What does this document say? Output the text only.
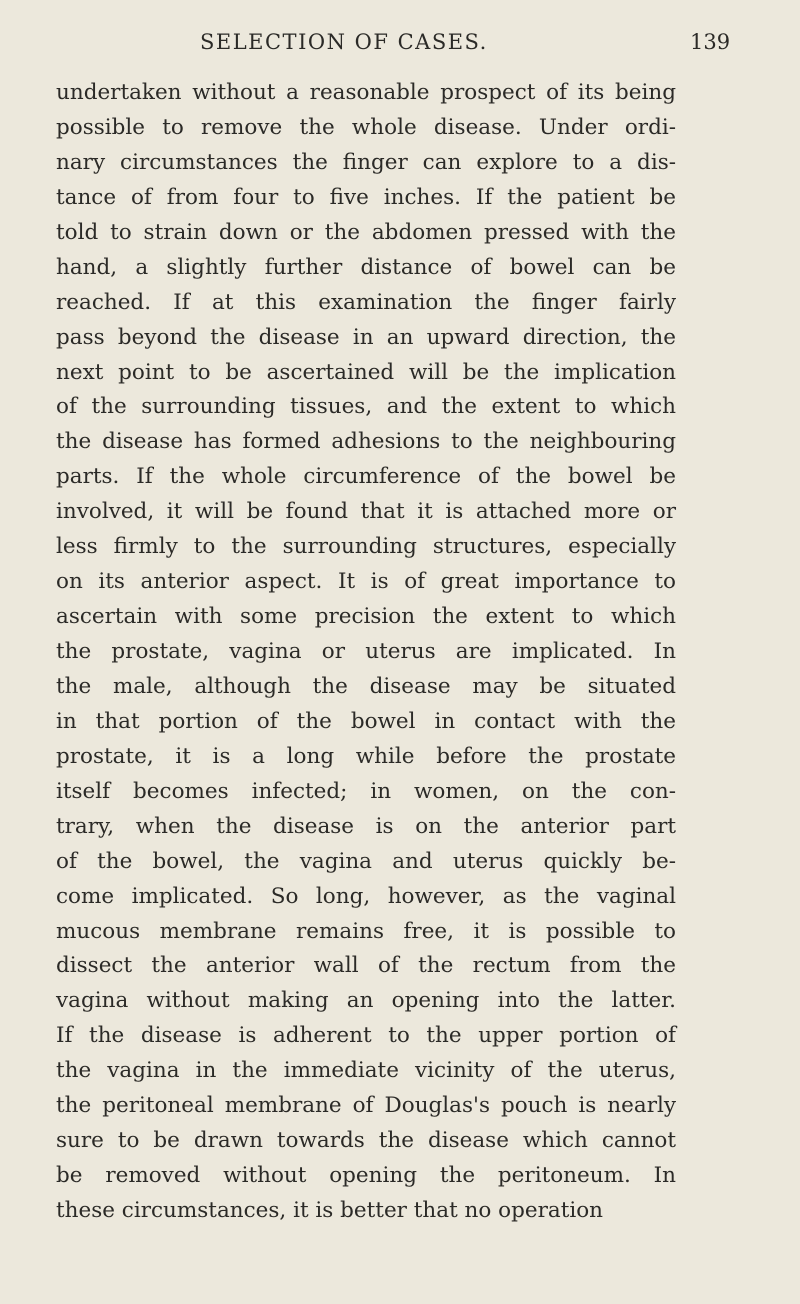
SELECTION OF CASES.	139
undertaken without a reasonable prospect of its being
possible to remove the whole disease. Under ordi-
nary circumstances the finger can explore to a dis-
tance of from four to five inches. If the patient be
told to strain down or the abdomen pressed with the
hand, a slightly further distance of bowel can be
reached. If at this examination the finger fairly
pass beyond the disease in an upward direction, the
next point to be ascertained will be the implication
of the surrounding tissues, and the extent to which
the disease has formed adhesions to the neighbouring
parts. If the whole circumference of the bowel be
involved, it will be found that it is attached more or
less firmly to the surrounding structures, especially
on its anterior aspect. It is of great importance to
ascertain with some precision the extent to which
the prostate, vagina or uterus are implicated. In
the male, although the disease may be situated
in that portion of the bowel in contact with the
prostate, it is a long while before the prostate
itself becomes infected; in women, on the con-
trary, when the disease is on the anterior part
of the bowel, the vagina and uterus quickly be-
come implicated. So long, however, as the vaginal
mucous membrane remains free, it is possible to
dissect the anterior wall of the rectum from the
vagina without making an opening into the latter.
If the disease is adherent to the upper portion of
the vagina in the immediate vicinity of the uterus,
the peritoneal membrane of Douglas's pouch is nearly
sure to be drawn towards the disease which cannot
be removed without opening the peritoneum. In
these circumstances, it is better that no operation
